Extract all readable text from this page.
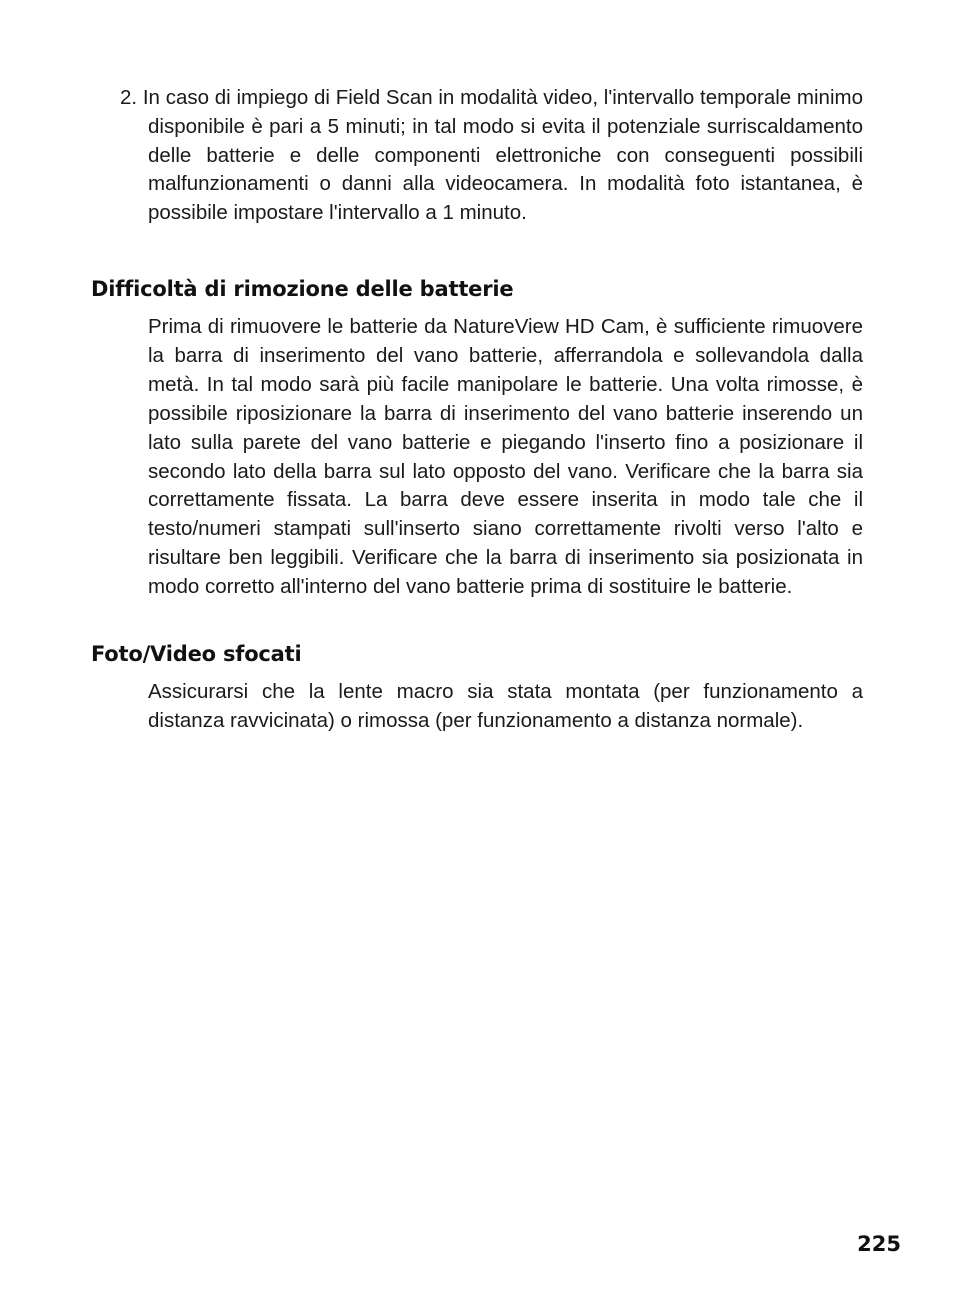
2. In caso di impiego di Field Scan in modalità video, l'intervallo temporale minimo disponibile è pari a 5 minuti; in tal modo si evita il potenziale surriscaldamento delle batterie e delle componenti elettroniche con conseguenti possibili malfunzionamenti o danni alla videocamera. In modalità foto istantanea, è possibile impostare l'intervallo a 1 minuto.
Difficoltà di rimozione delle batterie
Prima di rimuovere le batterie da NatureView HD Cam, è sufficiente rimuovere la barra di inserimento del vano batterie, afferrandola e sollevandola dalla metà. In tal modo sarà più facile manipolare le batterie. Una volta rimosse, è possibile riposizionare la barra di inserimento del vano batterie inserendo un lato sulla parete del vano batterie e piegando l'inserto fino a posizionare il secondo lato della barra sul lato opposto del vano. Verificare che la barra sia correttamente fissata. La barra deve essere inserita in modo tale che il testo/numeri stampati sull'inserto siano correttamente rivolti verso l'alto e risultare ben leggibili. Verificare che la barra di inserimento sia posizionata in modo corretto all'interno del vano batterie prima di sostituire le batterie.
Foto/Video sfocati
Assicurarsi che la lente macro sia stata montata (per funzionamento a distanza ravvicinata) o rimossa (per funzionamento a distanza normale).
225
